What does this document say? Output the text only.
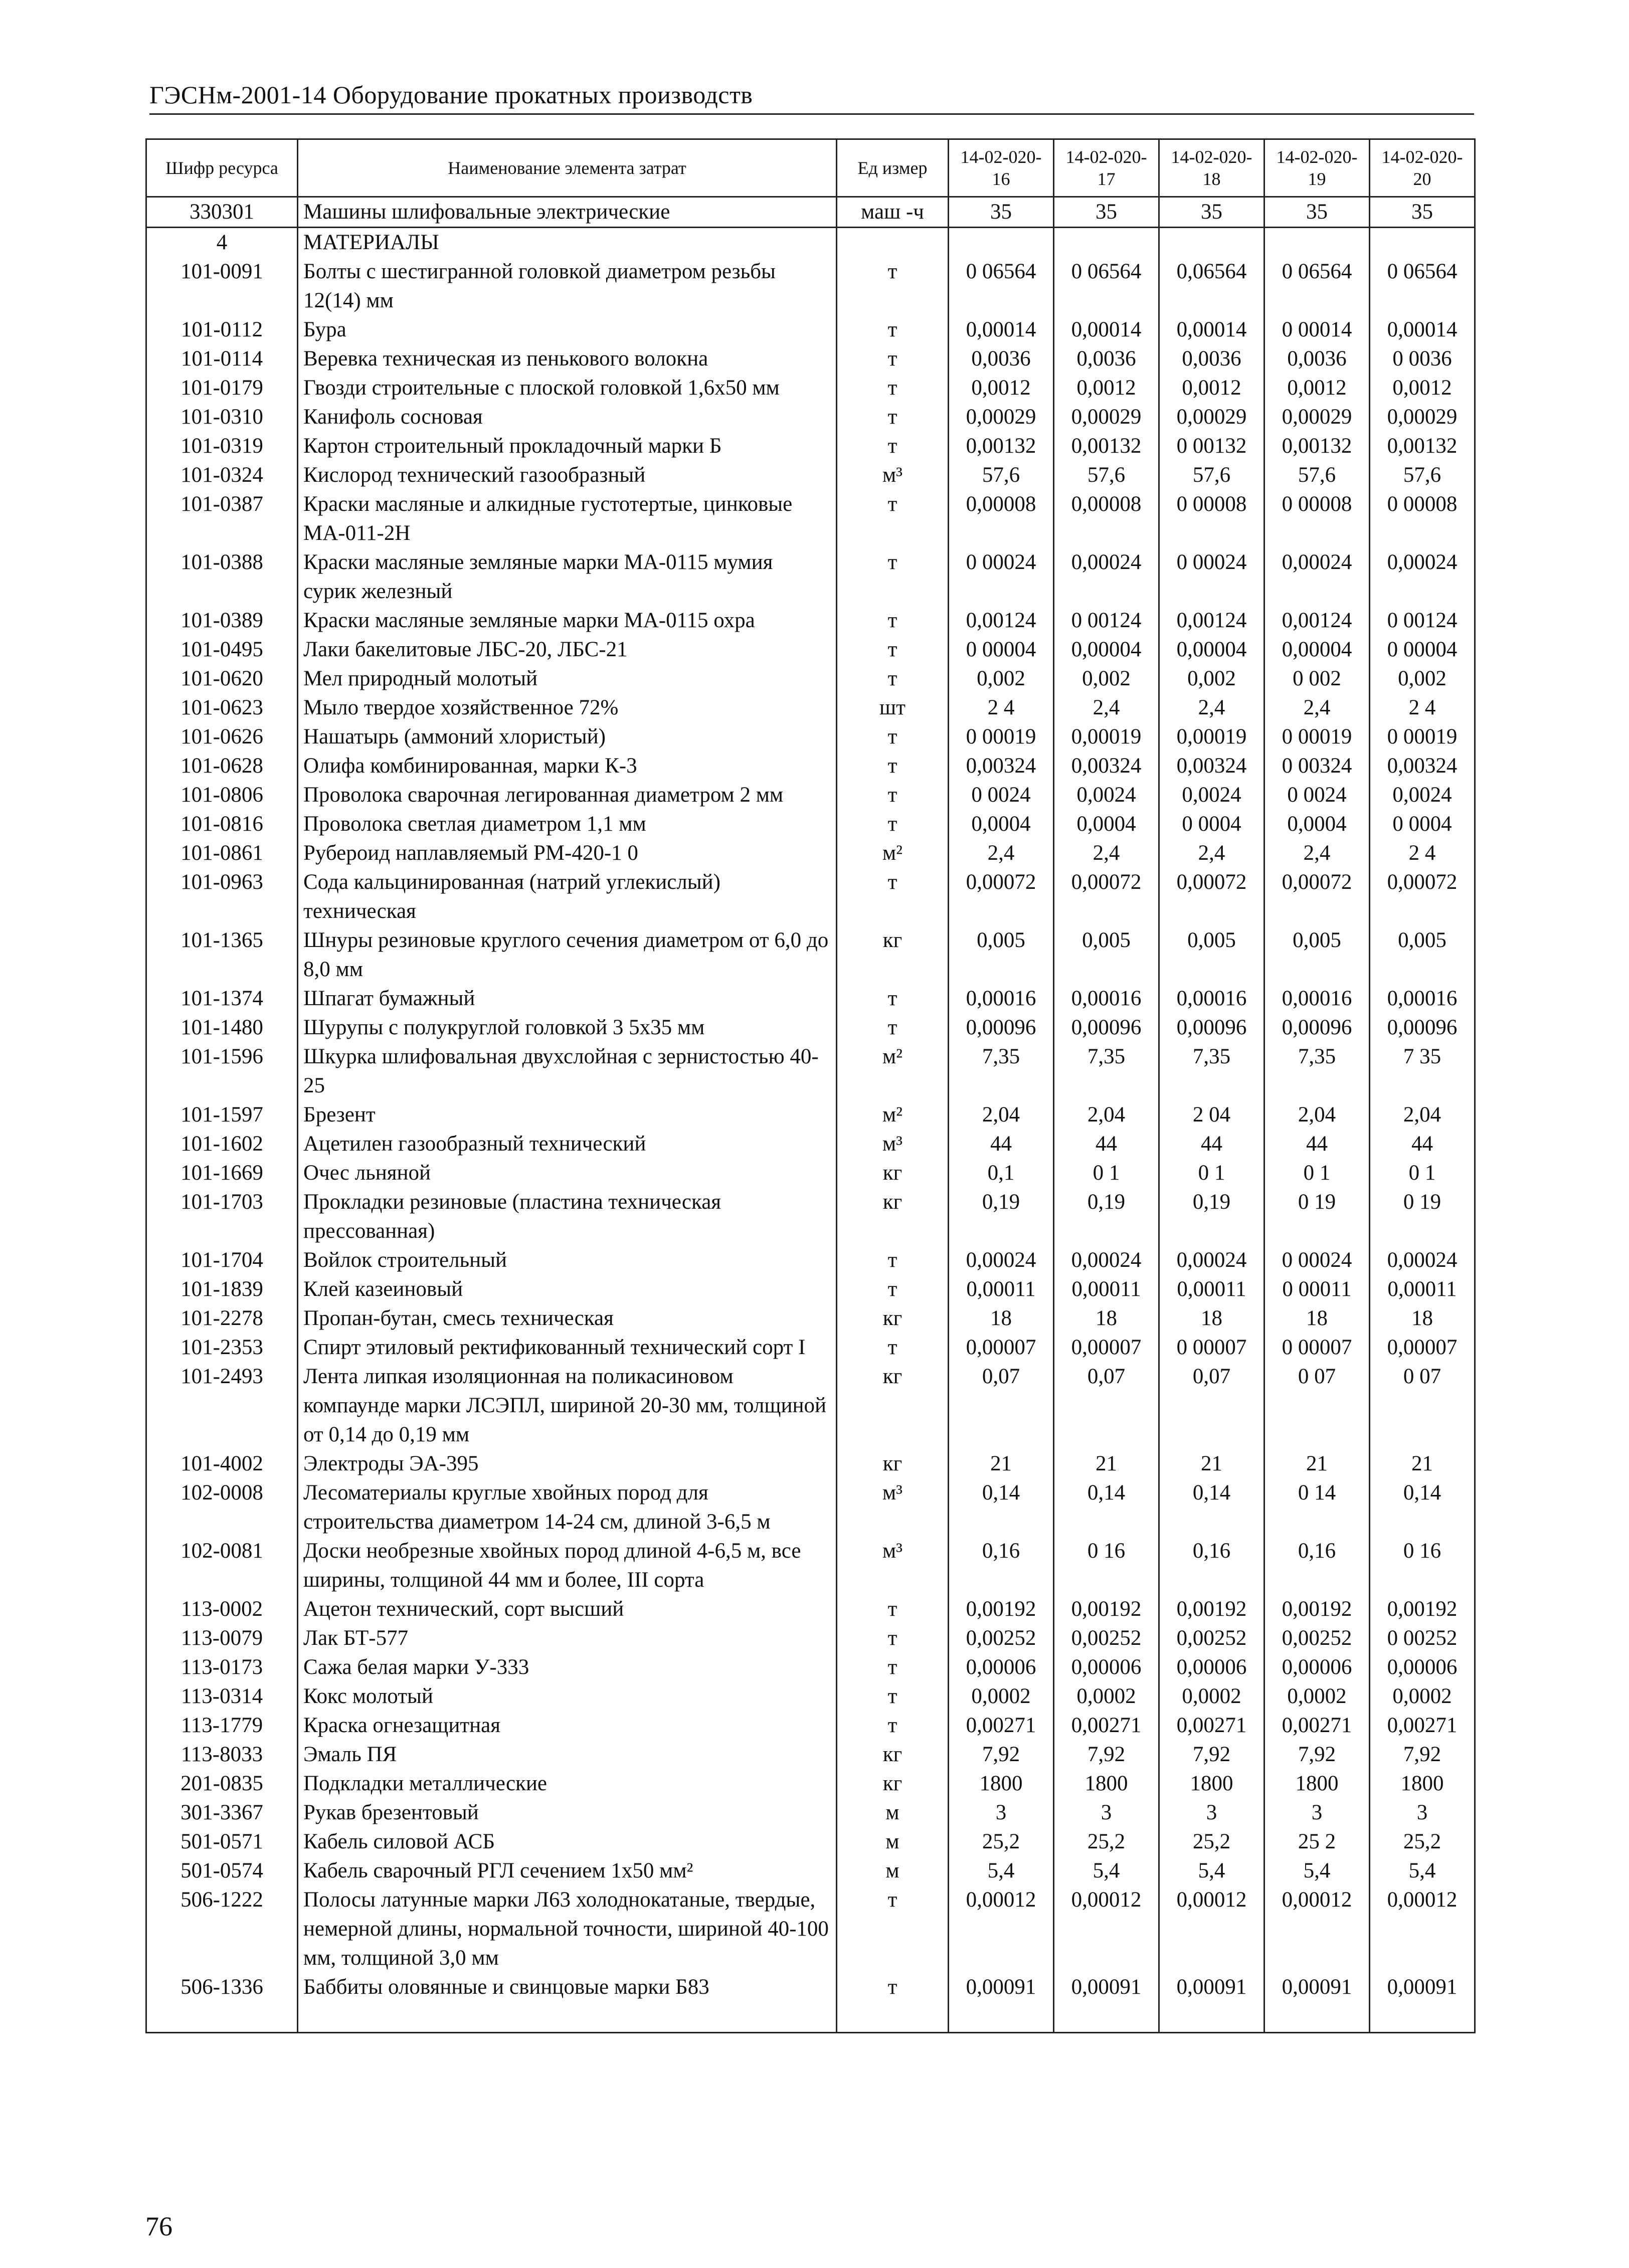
ГЭСНм-2001-14 Оборудование прокатных производств
Шифр ресурса	Наименование элемента затрат	Ед измер	14-02-020-16	14-02-020-17	14-02-020-18	14-02-020-19	14-02-020-20
330301	Машины шлифовальные электрические	маш -ч	35	35	35	35	35
4	МАТЕРИАЛЫ						
101-0091	Болты с шестигранной головкой диаметром резьбы 12(14) мм	т	0 06564	0 06564	0,06564	0 06564	0 06564
101-0112	Бура	т	0,00014	0,00014	0,00014	0 00014	0,00014
101-0114	Веревка техническая из пенькового волокна	т	0,0036	0,0036	0,0036	0,0036	0 0036
101-0179	Гвозди строительные с плоской головкой 1,6х50 мм	т	0,0012	0,0012	0,0012	0,0012	0,0012
101-0310	Канифоль сосновая	т	0,00029	0,00029	0,00029	0,00029	0,00029
101-0319	Картон строительный прокладочный марки Б	т	0,00132	0,00132	0 00132	0,00132	0,00132
101-0324	Кислород технический газообразный	м³	57,6	57,6	57,6	57,6	57,6
101-0387	Краски масляные и алкидные густотертые, цинковые МА-011-2Н	т	0,00008	0,00008	0 00008	0 00008	0 00008
101-0388	Краски масляные земляные марки МА-0115 мумия сурик железный	т	0 00024	0,00024	0 00024	0,00024	0,00024
101-0389	Краски масляные земляные марки МА-0115 охра	т	0,00124	0 00124	0,00124	0,00124	0 00124
101-0495	Лаки бакелитовые ЛБС-20, ЛБС-21	т	0 00004	0,00004	0,00004	0,00004	0 00004
101-0620	Мел природный молотый	т	0,002	0,002	0,002	0 002	0,002
101-0623	Мыло твердое хозяйственное 72%	шт	2 4	2,4	2,4	2,4	2 4
101-0626	Нашатырь (аммоний хлористый)	т	0 00019	0,00019	0,00019	0 00019	0 00019
101-0628	Олифа комбинированная, марки К-3	т	0,00324	0,00324	0,00324	0 00324	0,00324
101-0806	Проволока сварочная легированная диаметром 2 мм	т	0 0024	0,0024	0,0024	0 0024	0,0024
101-0816	Проволока светлая диаметром 1,1 мм	т	0,0004	0,0004	0 0004	0,0004	0 0004
101-0861	Рубероид наплавляемый РМ-420-1 0	м²	2,4	2,4	2,4	2,4	2 4
101-0963	Сода кальцинированная (натрий углекислый) техническая	т	0,00072	0,00072	0,00072	0,00072	0,00072
101-1365	Шнуры резиновые круглого сечения диаметром от 6,0 до 8,0 мм	кг	0,005	0,005	0,005	0,005	0,005
101-1374	Шпагат бумажный	т	0,00016	0,00016	0,00016	0,00016	0,00016
101-1480	Шурупы с полукруглой головкой 3 5х35 мм	т	0,00096	0,00096	0,00096	0,00096	0,00096
101-1596	Шкурка шлифовальная двухслойная с зернистостью 40-25	м²	7,35	7,35	7,35	7,35	7 35
101-1597	Брезент	м²	2,04	2,04	2 04	2,04	2,04
101-1602	Ацетилен газообразный технический	м³	44	44	44	44	44
101-1669	Очес льняной	кг	0,1	0 1	0 1	0 1	0 1
101-1703	Прокладки резиновые (пластина техническая прессованная)	кг	0,19	0,19	0,19	0 19	0 19
101-1704	Войлок строительный	т	0,00024	0,00024	0,00024	0 00024	0,00024
101-1839	Клей казеиновый	т	0,00011	0,00011	0,00011	0 00011	0,00011
101-2278	Пропан-бутан, смесь техническая	кг	18	18	18	18	18
101-2353	Спирт этиловый ректификованный технический сорт I	т	0,00007	0,00007	0 00007	0 00007	0,00007
101-2493	Лента липкая изоляционная на поликасиновом компаунде марки ЛСЭПЛ, шириной 20-30 мм, толщиной от 0,14 до 0,19 мм	кг	0,07	0,07	0,07	0 07	0 07
101-4002	Электроды ЭА-395	кг	21	21	21	21	21
102-0008	Лесоматериалы круглые хвойных пород для строительства диаметром 14-24 см, длиной 3-6,5 м	м³	0,14	0,14	0,14	0 14	0,14
102-0081	Доски необрезные хвойных пород длиной 4-6,5 м, все ширины, толщиной 44 мм и более, III сорта	м³	0,16	0 16	0,16	0,16	0 16
113-0002	Ацетон технический, сорт высший	т	0,00192	0,00192	0,00192	0,00192	0,00192
113-0079	Лак БТ-577	т	0,00252	0,00252	0,00252	0,00252	0 00252
113-0173	Сажа белая марки У-333	т	0,00006	0,00006	0,00006	0,00006	0,00006
113-0314	Кокс молотый	т	0,0002	0,0002	0,0002	0,0002	0,0002
113-1779	Краска огнезащитная	т	0,00271	0,00271	0,00271	0,00271	0,00271
113-8033	Эмаль ПЯ	кг	7,92	7,92	7,92	7,92	7,92
201-0835	Подкладки металлические	кг	1800	1800	1800	1800	1800
301-3367	Рукав брезентовый	м	3	3	3	3	3
501-0571	Кабель силовой АСБ	м	25,2	25,2	25,2	25 2	25,2
501-0574	Кабель сварочный РГЛ сечением 1х50 мм²	м	5,4	5,4	5,4	5,4	5,4
506-1222	Полосы латунные марки Л63 холоднокатаные, твердые, немерной длины, нормальной точности, шириной 40-100 мм, толщиной 3,0 мм	т	0,00012	0,00012	0,00012	0,00012	0,00012
506-1336	Баббиты оловянные и свинцовые марки Б83	т	0,00091	0,00091	0,00091	0,00091	0,00091
76
